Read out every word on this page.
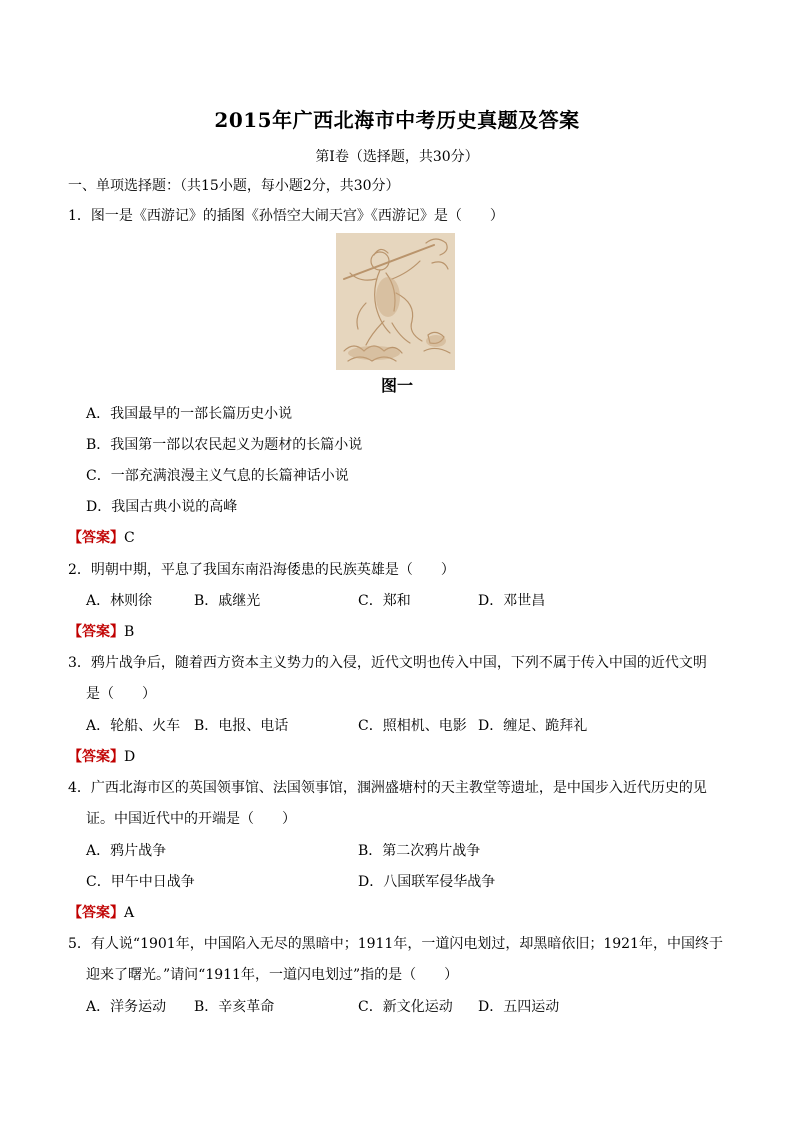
2015年广西北海市中考历史真题及答案
第Ⅰ卷（选择题，共30分）
一、单项选择题：（共15小题，每小题2分，共30分）
1．图一是《西游记》的插图《孙悟空大闹天宫》《西游记》是（　　）
图一
A．我国最早的一部长篇历史小说
B．我国第一部以农民起义为题材的长篇小说
C．一部充满浪漫主义气息的长篇神话小说
D．我国古典小说的高峰
【答案】C
2．明朝中期，平息了我国东南沿海倭患的民族英雄是（　　）
A．林则徐	B．戚继光	C．郑和	D．邓世昌
【答案】B
3．鸦片战争后，随着西方资本主义势力的入侵，近代文明也传入中国，下列不属于传入中国的近代文明
是（　　）
A．轮船、火车 B．电报、电话	C．照相机、电影 D．缠足、跪拜礼
【答案】D
4．广西北海市区的英国领事馆、法国领事馆，涠洲盛塘村的天主教堂等遗址，是中国步入近代历史的见
证。中国近代中的开端是（　　）
A．鸦片战争	B．第二次鸦片战争
C．甲午中日战争	D．八国联军侵华战争
【答案】A
5．有人说“1901年，中国陷入无尽的黑暗中；1911年，一道闪电划过，却黑暗依旧；1921年，中国终于
迎来了曙光。”请问“1911年，一道闪电划过”指的是（　　）
A．洋务运动 B．辛亥革命	C．新文化运动 D．五四运动
